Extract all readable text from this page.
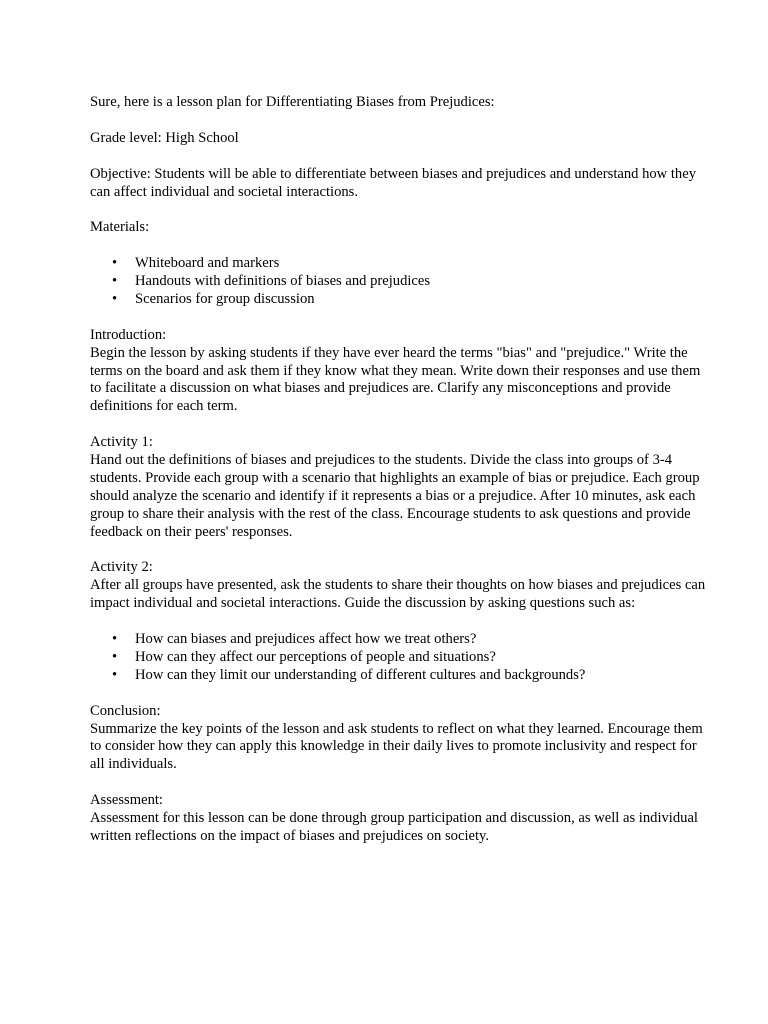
Sure, here is a lesson plan for Differentiating Biases from Prejudices:

Grade level: High School

Objective: Students will be able to differentiate between biases and prejudices and understand how they can affect individual and societal interactions.

Materials:
• Whiteboard and markers
• Handouts with definitions of biases and prejudices
• Scenarios for group discussion

Introduction:
Begin the lesson by asking students if they have ever heard the terms "bias" and "prejudice." Write the terms on the board and ask them if they know what they mean. Write down their responses and use them to facilitate a discussion on what biases and prejudices are. Clarify any misconceptions and provide definitions for each term.

Activity 1:
Hand out the definitions of biases and prejudices to the students. Divide the class into groups of 3-4 students. Provide each group with a scenario that highlights an example of bias or prejudice. Each group should analyze the scenario and identify if it represents a bias or a prejudice. After 10 minutes, ask each group to share their analysis with the rest of the class. Encourage students to ask questions and provide feedback on their peers' responses.

Activity 2:
After all groups have presented, ask the students to share their thoughts on how biases and prejudices can impact individual and societal interactions. Guide the discussion by asking questions such as:

• How can biases and prejudices affect how we treat others?
• How can they affect our perceptions of people and situations?
• How can they limit our understanding of different cultures and backgrounds?

Conclusion:
Summarize the key points of the lesson and ask students to reflect on what they learned. Encourage them to consider how they can apply this knowledge in their daily lives to promote inclusivity and respect for all individuals.

Assessment:
Assessment for this lesson can be done through group participation and discussion, as well as individual written reflections on the impact of biases and prejudices on society.
